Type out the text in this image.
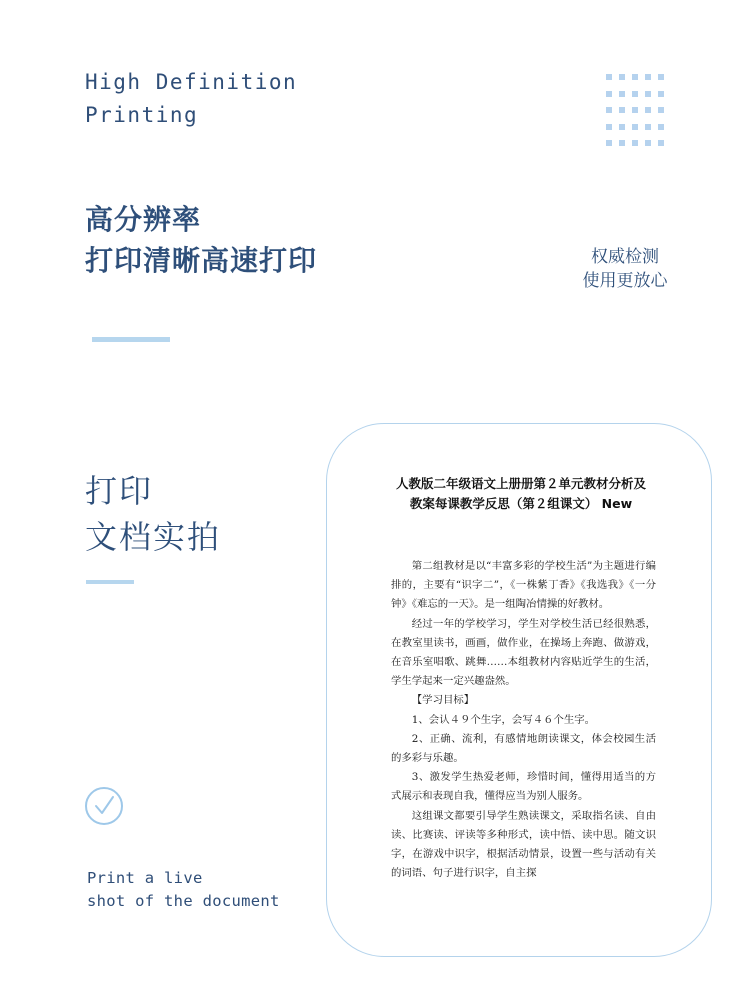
High Definition
Printing
高分辨率
打印清晰高速打印	权威检测
使用更放心
打印
文档实拍
Print a live
shot of the document
人教版二年级语文上册册第２单元教材分析及教案每课教学反思（第２组课文） New

第二组教材是以“丰富多彩的学校生活”为主题进行编排的，主要有“识字二”，《一株紫丁香》《我选我》《一分钟》《难忘的一天》。是一组陶冶情操的好教材。

经过一年的学校学习，学生对学校生活已经很熟悉，在教室里读书，画画，做作业，在操场上奔跑、做游戏，在音乐室唱歌、跳舞……本组教材内容贴近学生的生活，学生学起来一定兴趣盎然。

【学习目标】

1、会认４９个生字，会写４６个生字。

2、正确、流利，有感情地朗读课文，体会校园生活的多彩与乐趣。

3、激发学生热爱老师，珍惜时间，懂得用适当的方式展示和表现自我，懂得应当为别人服务。

这组课文都要引导学生熟读课文，采取指名读、自由读、比赛读、评读等多种形式，读中悟、读中思。随文识字，在游戏中识字，根据活动情景，设置一些与活动有关的词语、句子进行识字，自主探
